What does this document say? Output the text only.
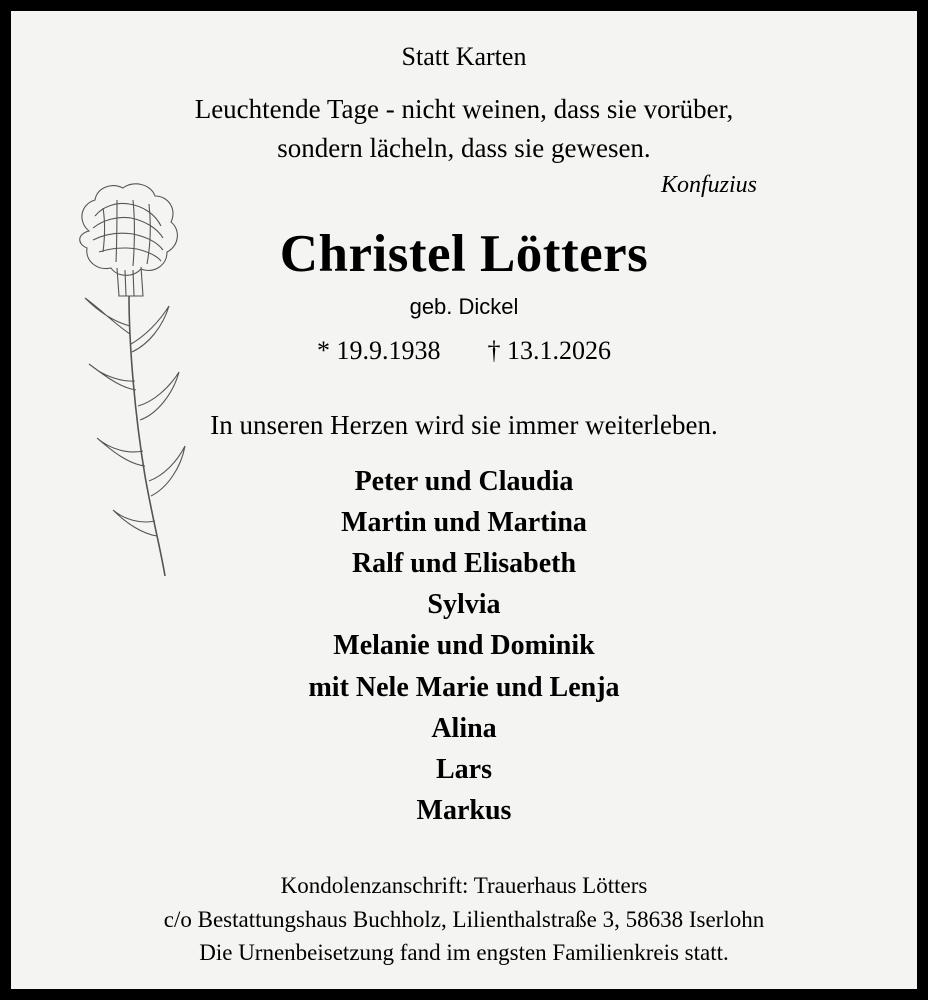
Statt Karten
Leuchtende Tage - nicht weinen, dass sie vorüber,
sondern lächeln, dass sie gewesen.
Konfuzius
Christel Lötters
geb. Dickel
* 19.9.1938 † 13.1.2026
In unseren Herzen wird sie immer weiterleben.
Peter und Claudia
Martin und Martina
Ralf und Elisabeth
Sylvia
Melanie und Dominik
mit Nele Marie und Lenja
Alina
Lars
Markus
Kondolenzanschrift: Trauerhaus Lötters
c/o Bestattungshaus Buchholz, Lilienthalstraße 3, 58638 Iserlohn
Die Urnenbeisetzung fand im engsten Familienkreis statt.
